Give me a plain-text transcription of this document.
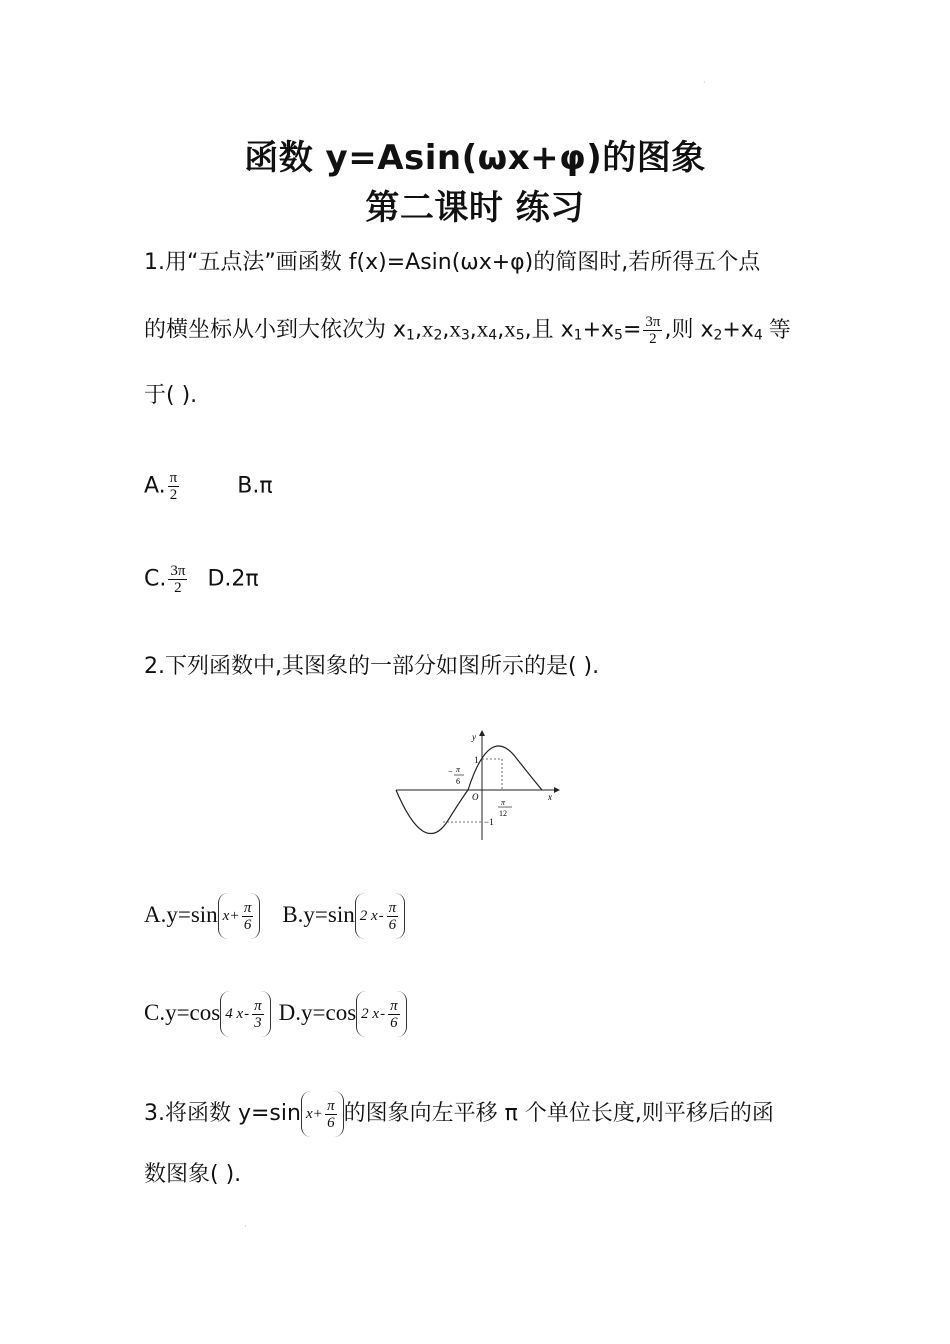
·
·
函数 y=Asin(ωx+φ)的图象
第二课时 练习
1.用“五点法”画函数 f(x)=Asin(ωx+φ)的简图时,若所得五个点
的横坐标从小到大依次为 $x_1,x_2,x_3,x_4,x_5$,且 $x_1+x_5= \frac{3\pi}{2}$ ,则 $x_2+x_4$ 等
于( ).
A. $\frac{\pi}{2}$	B.π
C. $\frac{3\pi}{2} D.2\pi$
2.下列函数中,其图象的一部分如图所示的是( ).
y
x
O
1
−1
− π
6
π
12
A.y=sin $x + \frac{\pi}{6} B.y=\sin$ 2 x - $\frac{\pi}{6}$
C.y=cos 4 $x - \frac{\pi}{3} D.y=\cos$ 2 x - $\frac{\pi}{6}$
3.将函数 y=sin $x + \frac{\pi}{6}$ 的图象向左平移 π 个单位长度,则平移后的函
数图象( ).
